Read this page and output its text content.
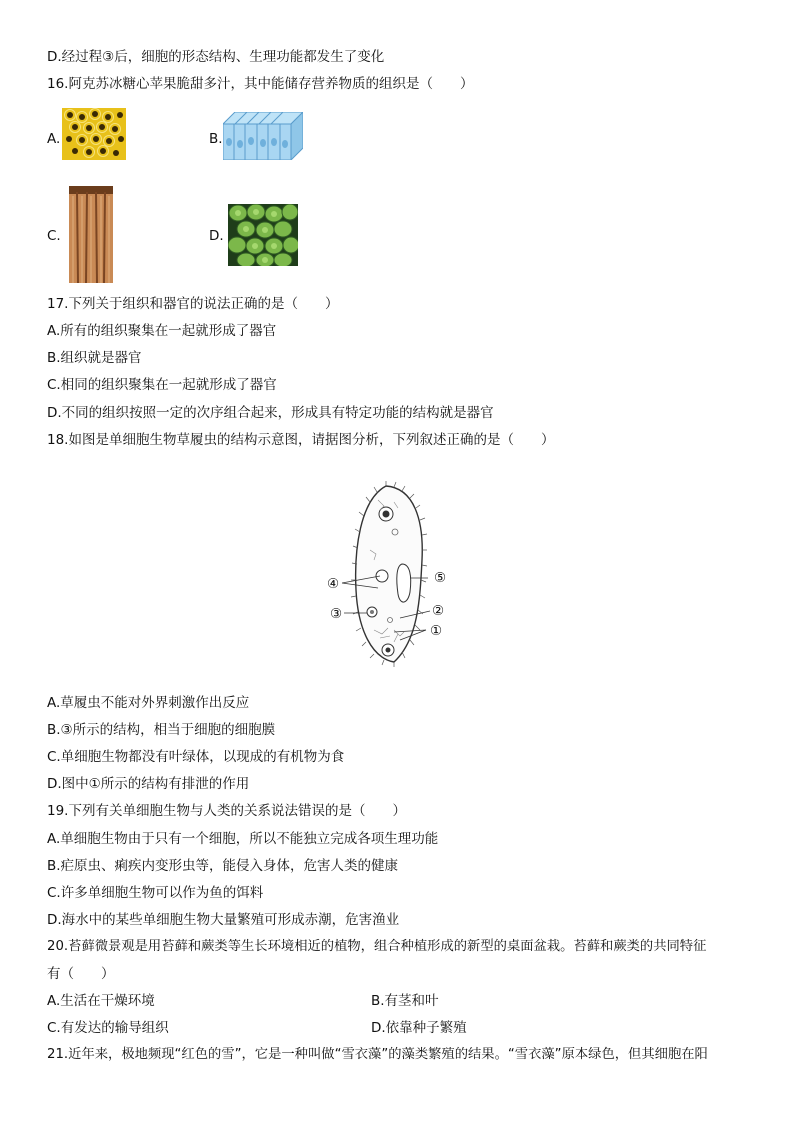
D.经过程③后，细胞的形态结构、生理功能都发生了变化
16.阿克苏冰糖心苹果脆甜多汁，其中能储存营养物质的组织是（　　）
A.	B.
C.	D.
17.下列关于组织和器官的说法正确的是（　　）
A.所有的组织聚集在一起就形成了器官
B.组织就是器官
C.相同的组织聚集在一起就形成了器官
D.不同的组织按照一定的次序组合起来，形成具有特定功能的结构就是器官
18.如图是单细胞生物草履虫的结构示意图，请据图分析，下列叙述正确的是（　　）
④	⑤
③	②
①
A.草履虫不能对外界刺激作出反应
B.③所示的结构，相当于细胞的细胞膜
C.单细胞生物都没有叶绿体，以现成的有机物为食
D.图中①所示的结构有排泄的作用
19.下列有关单细胞生物与人类的关系说法错误的是（　　）
A.单细胞生物由于只有一个细胞，所以不能独立完成各项生理功能
B.疟原虫、痢疾内变形虫等，能侵入身体，危害人类的健康
C.许多单细胞生物可以作为鱼的饵料
D.海水中的某些单细胞生物大量繁殖可形成赤潮，危害渔业
20.苔藓微景观是用苔藓和蕨类等生长环境相近的植物，组合种植形成的新型的桌面盆栽。苔藓和蕨类的共同特征
有（　　）
A.生活在干燥环境	B.有茎和叶
C.有发达的输导组织	D.依靠种子繁殖
21.近年来，极地频现“红色的雪”，它是一种叫做“雪衣藻”的藻类繁殖的结果。“雪衣藻”原本绿色，但其细胞在阳
